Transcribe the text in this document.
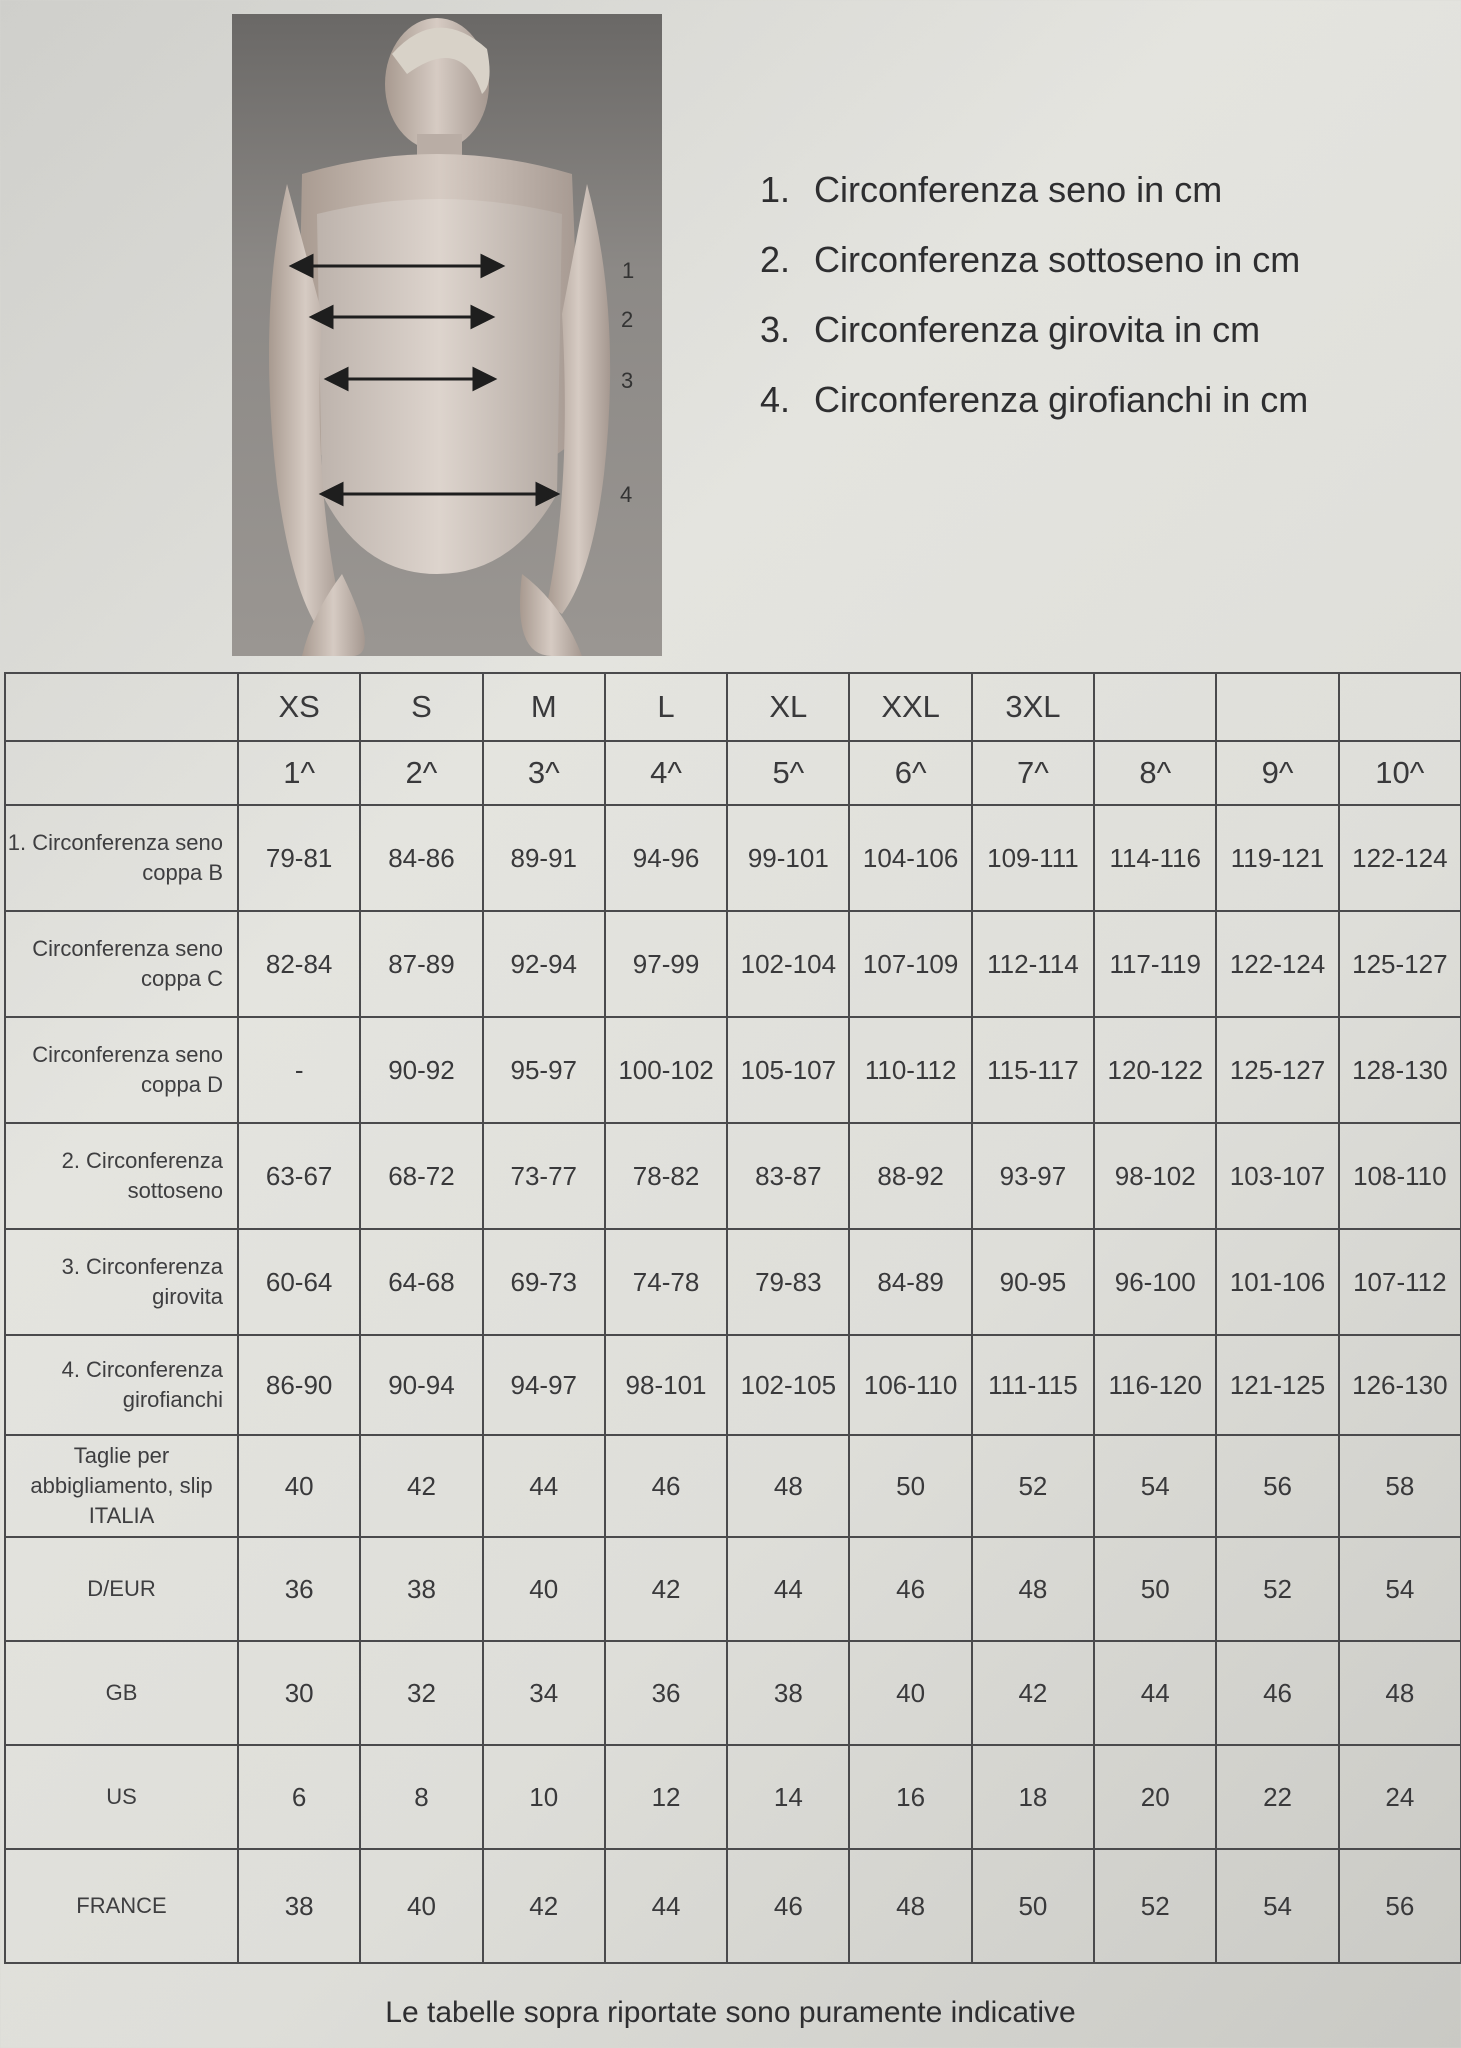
1
2
3
4
1. Circonferenza seno in cm
2. Circonferenza sottoseno in cm
3. Circonferenza girovita in cm
4. Circonferenza girofianchi in cm
	XS	S	M	L	XL	XXL	3XL			
	1^	2^	3^	4^	5^	6^	7^	8^	9^	10^
1. Circonferenza seno coppa B	79-81	84-86	89-91	94-96	99-101	104-106	109-111	114-116	119-121	122-124
Circonferenza seno coppa C	82-84	87-89	92-94	97-99	102-104	107-109	112-114	117-119	122-124	125-127
Circonferenza seno coppa D	-	90-92	95-97	100-102	105-107	110-112	115-117	120-122	125-127	128-130
2. Circonferenza sottoseno	63-67	68-72	73-77	78-82	83-87	88-92	93-97	98-102	103-107	108-110
3. Circonferenza girovita	60-64	64-68	69-73	74-78	79-83	84-89	90-95	96-100	101-106	107-112
4. Circonferenza girofianchi	86-90	90-94	94-97	98-101	102-105	106-110	111-115	116-120	121-125	126-130
Taglie per abbigliamento, slip ITALIA	40	42	44	46	48	50	52	54	56	58
D/EUR	36	38	40	42	44	46	48	50	52	54
GB	30	32	34	36	38	40	42	44	46	48
US	6	8	10	12	14	16	18	20	22	24
FRANCE	38	40	42	44	46	48	50	52	54	56
Le tabelle sopra riportate sono puramente indicative
